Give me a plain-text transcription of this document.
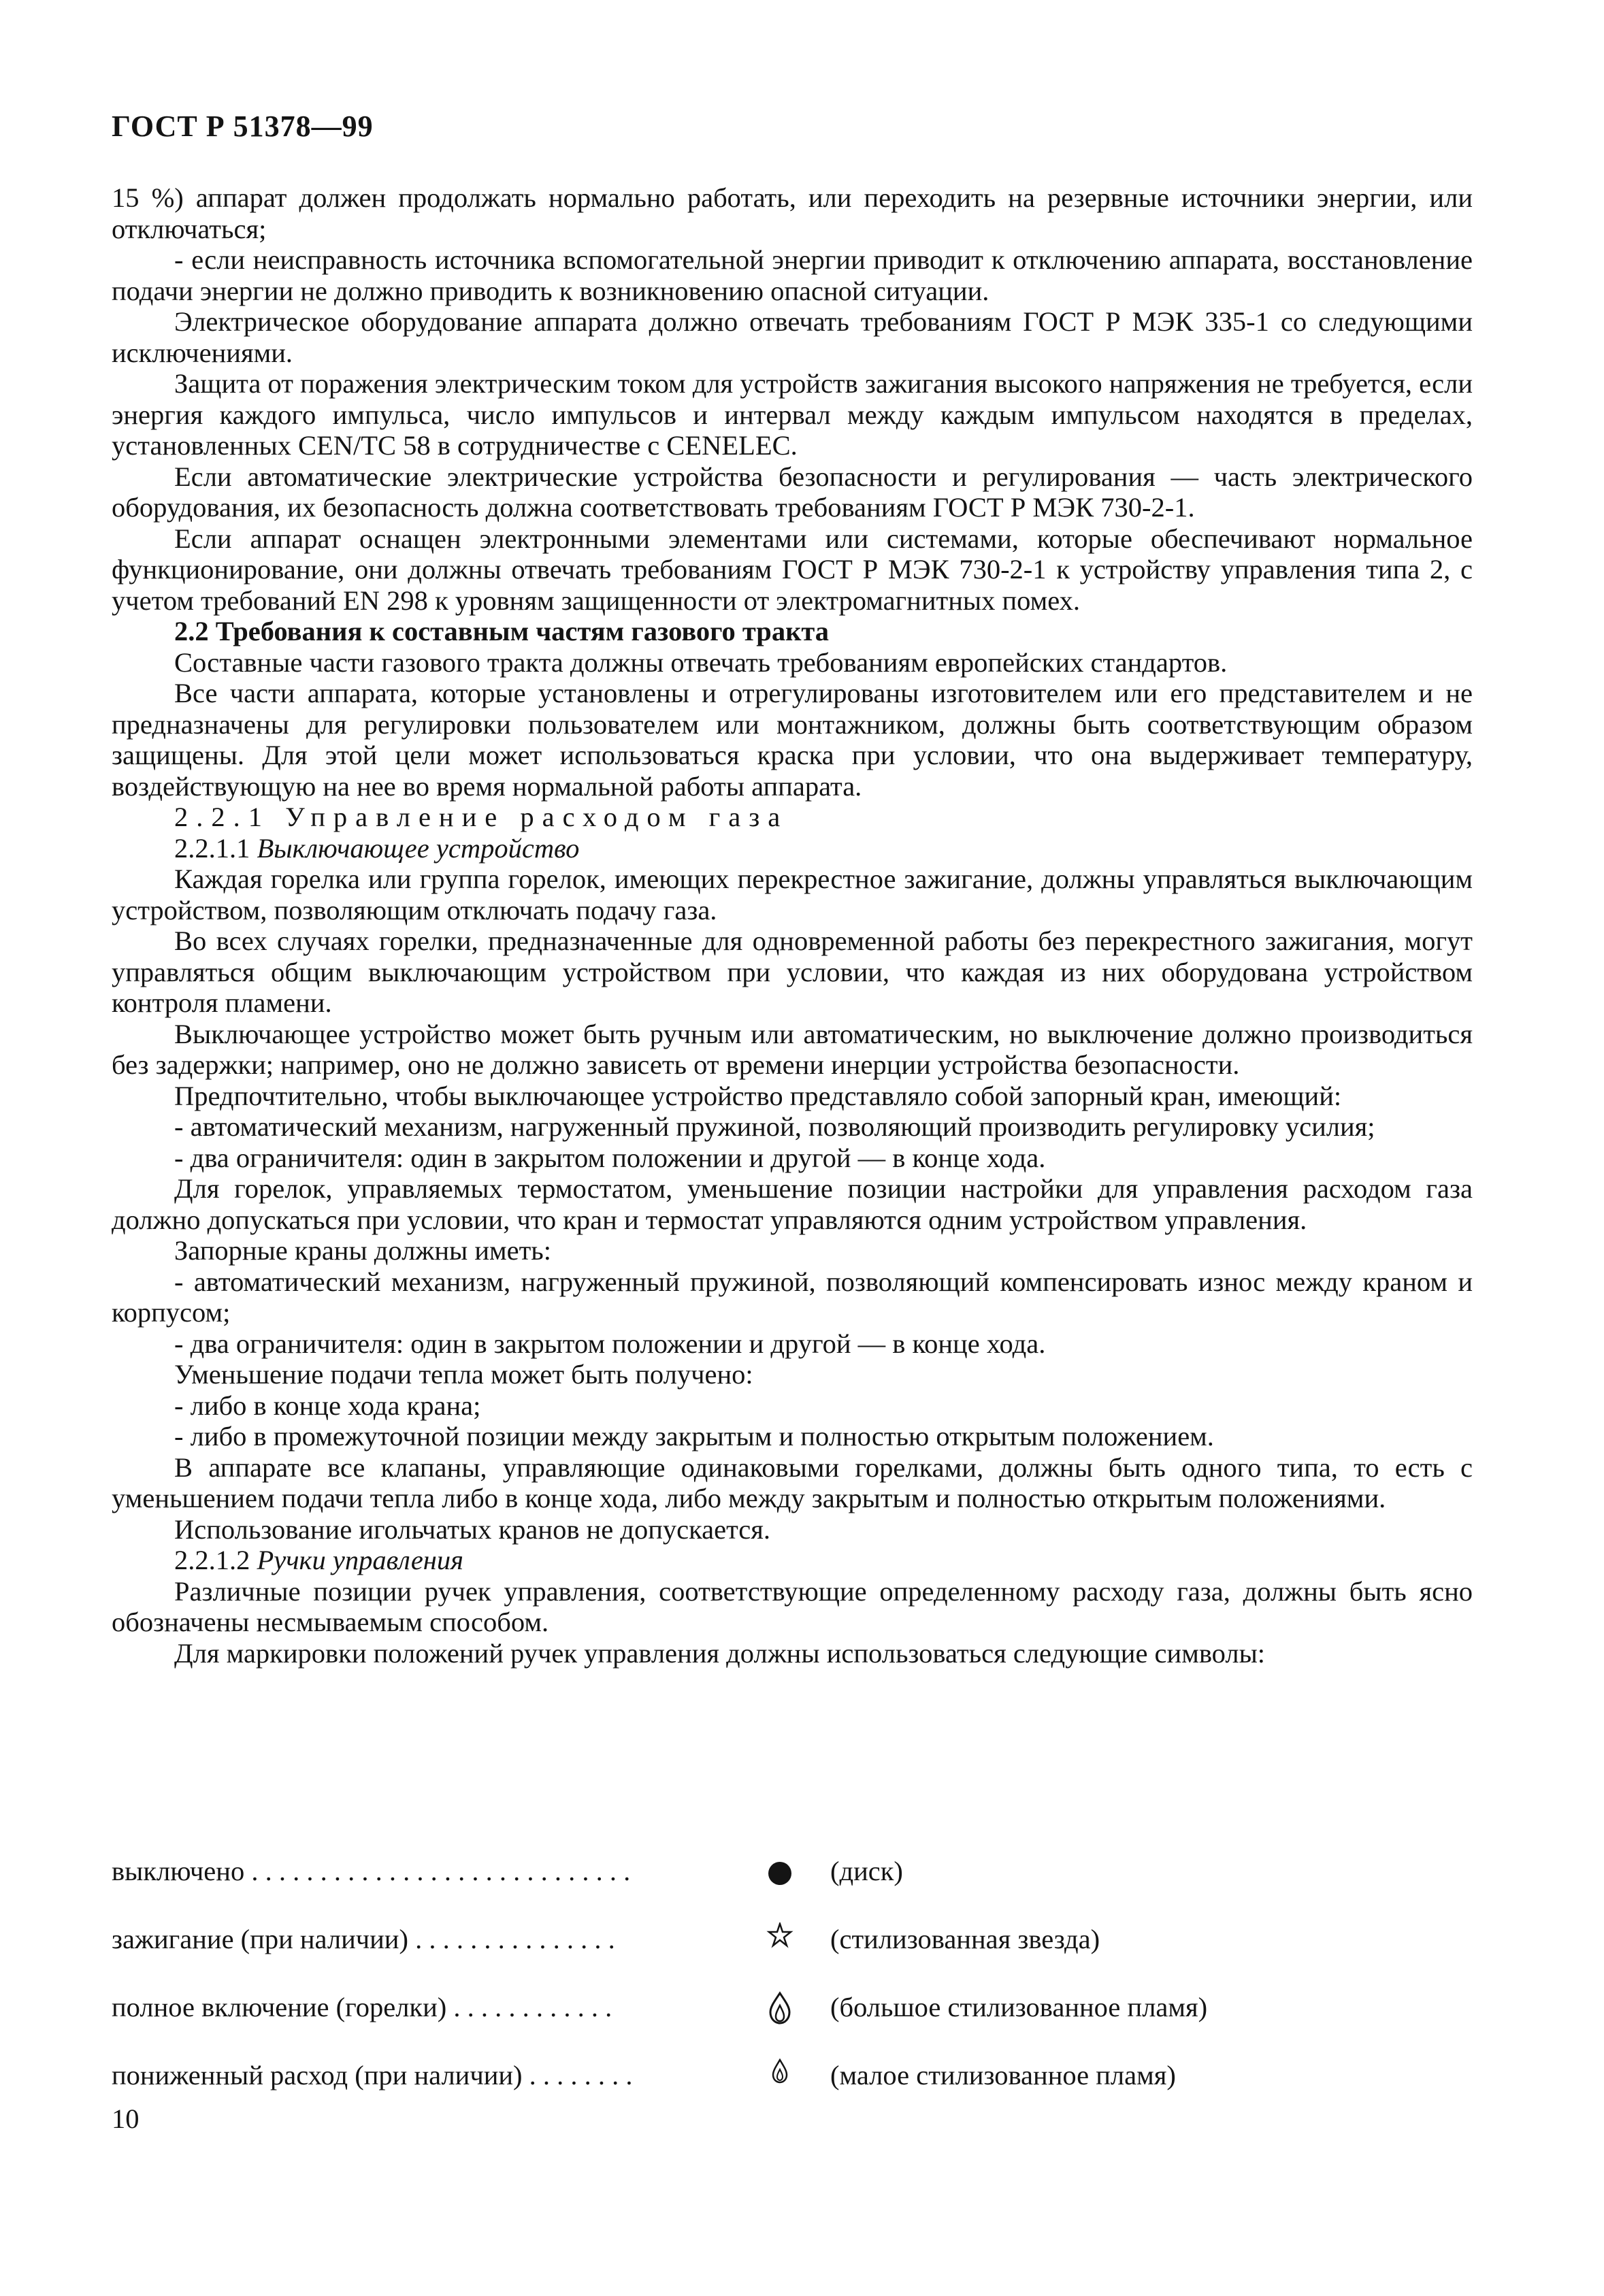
ГОСТ Р 51378—99

15 %) аппарат должен продолжать нормально работать, или переходить на резервные источники энергии, или отключаться;

- если неисправность источника вспомогательной энергии приводит к отключению аппарата, восстановление подачи энергии не должно приводить к возникновению опасной ситуации.

Электрическое оборудование аппарата должно отвечать требованиям ГОСТ Р МЭК 335-1 со следующими исключениями.

Защита от поражения электрическим током для устройств зажигания высокого напряжения не требуется, если энергия каждого импульса, число импульсов и интервал между каждым импульсом находятся в пределах, установленных CEN/TC 58 в сотрудничестве с CENELEC.

Если автоматические электрические устройства безопасности и регулирования — часть электрического оборудования, их безопасность должна соответствовать требованиям ГОСТ Р МЭК 730-2-1.

Если аппарат оснащен электронными элементами или системами, которые обеспечивают нормальное функционирование, они должны отвечать требованиям ГОСТ Р МЭК 730-2-1 к устройству управления типа 2, с учетом требований EN 298 к уровням защищенности от электромагнитных помех.

2.2 Требования к составным частям газового тракта

Составные части газового тракта должны отвечать требованиям европейских стандартов.

Все части аппарата, которые установлены и отрегулированы изготовителем или его представителем и не предназначены для регулировки пользователем или монтажником, должны быть соответствующим образом защищены. Для этой цели может использоваться краска при условии, что она выдерживает температуру, воздействующую на нее во время нормальной работы аппарата.

2.2.1 Управление расходом газа

2.2.1.1 Выключающее устройство

Каждая горелка или группа горелок, имеющих перекрестное зажигание, должны управляться выключающим устройством, позволяющим отключать подачу газа.

Во всех случаях горелки, предназначенные для одновременной работы без перекрестного зажигания, могут управляться общим выключающим устройством при условии, что каждая из них оборудована устройством контроля пламени.

Выключающее устройство может быть ручным или автоматическим, но выключение должно производиться без задержки; например, оно не должно зависеть от времени инерции устройства безопасности.

Предпочтительно, чтобы выключающее устройство представляло собой запорный кран, имеющий:

- автоматический механизм, нагруженный пружиной, позволяющий производить регулировку усилия;

- два ограничителя: один в закрытом положении и другой — в конце хода.

Для горелок, управляемых термостатом, уменьшение позиции настройки для управления расходом газа должно допускаться при условии, что кран и термостат управляются одним устройством управления.

Запорные краны должны иметь:

- автоматический механизм, нагруженный пружиной, позволяющий компенсировать износ между краном и корпусом;

- два ограничителя: один в закрытом положении и другой — в конце хода.

Уменьшение подачи тепла может быть получено:

- либо в конце хода крана;

- либо в промежуточной позиции между закрытым и полностью открытым положением.

В аппарате все клапаны, управляющие одинаковыми горелками, должны быть одного типа, то есть с уменьшением подачи тепла либо в конце хода, либо между закрытым и полностью открытым положениями.

Использование игольчатых кранов не допускается.

2.2.1.2 Ручки управления

Различные позиции ручек управления, соответствующие определенному расходу газа, должны быть ясно обозначены несмываемым способом.

Для маркировки положений ручек управления должны использоваться следующие символы:

выключено . . . . . . . . . . . . . . . . . . . . . . . . . . . .	(диск)
зажигание (при наличии) . . . . . . . . . . . . . . .	(стилизованная звезда)
полное включение (горелки) . . . . . . . . . . . .	(большое стилизованное пламя)
пониженный расход (при наличии) . . . . . . . .	(малое стилизованное пламя)
10
